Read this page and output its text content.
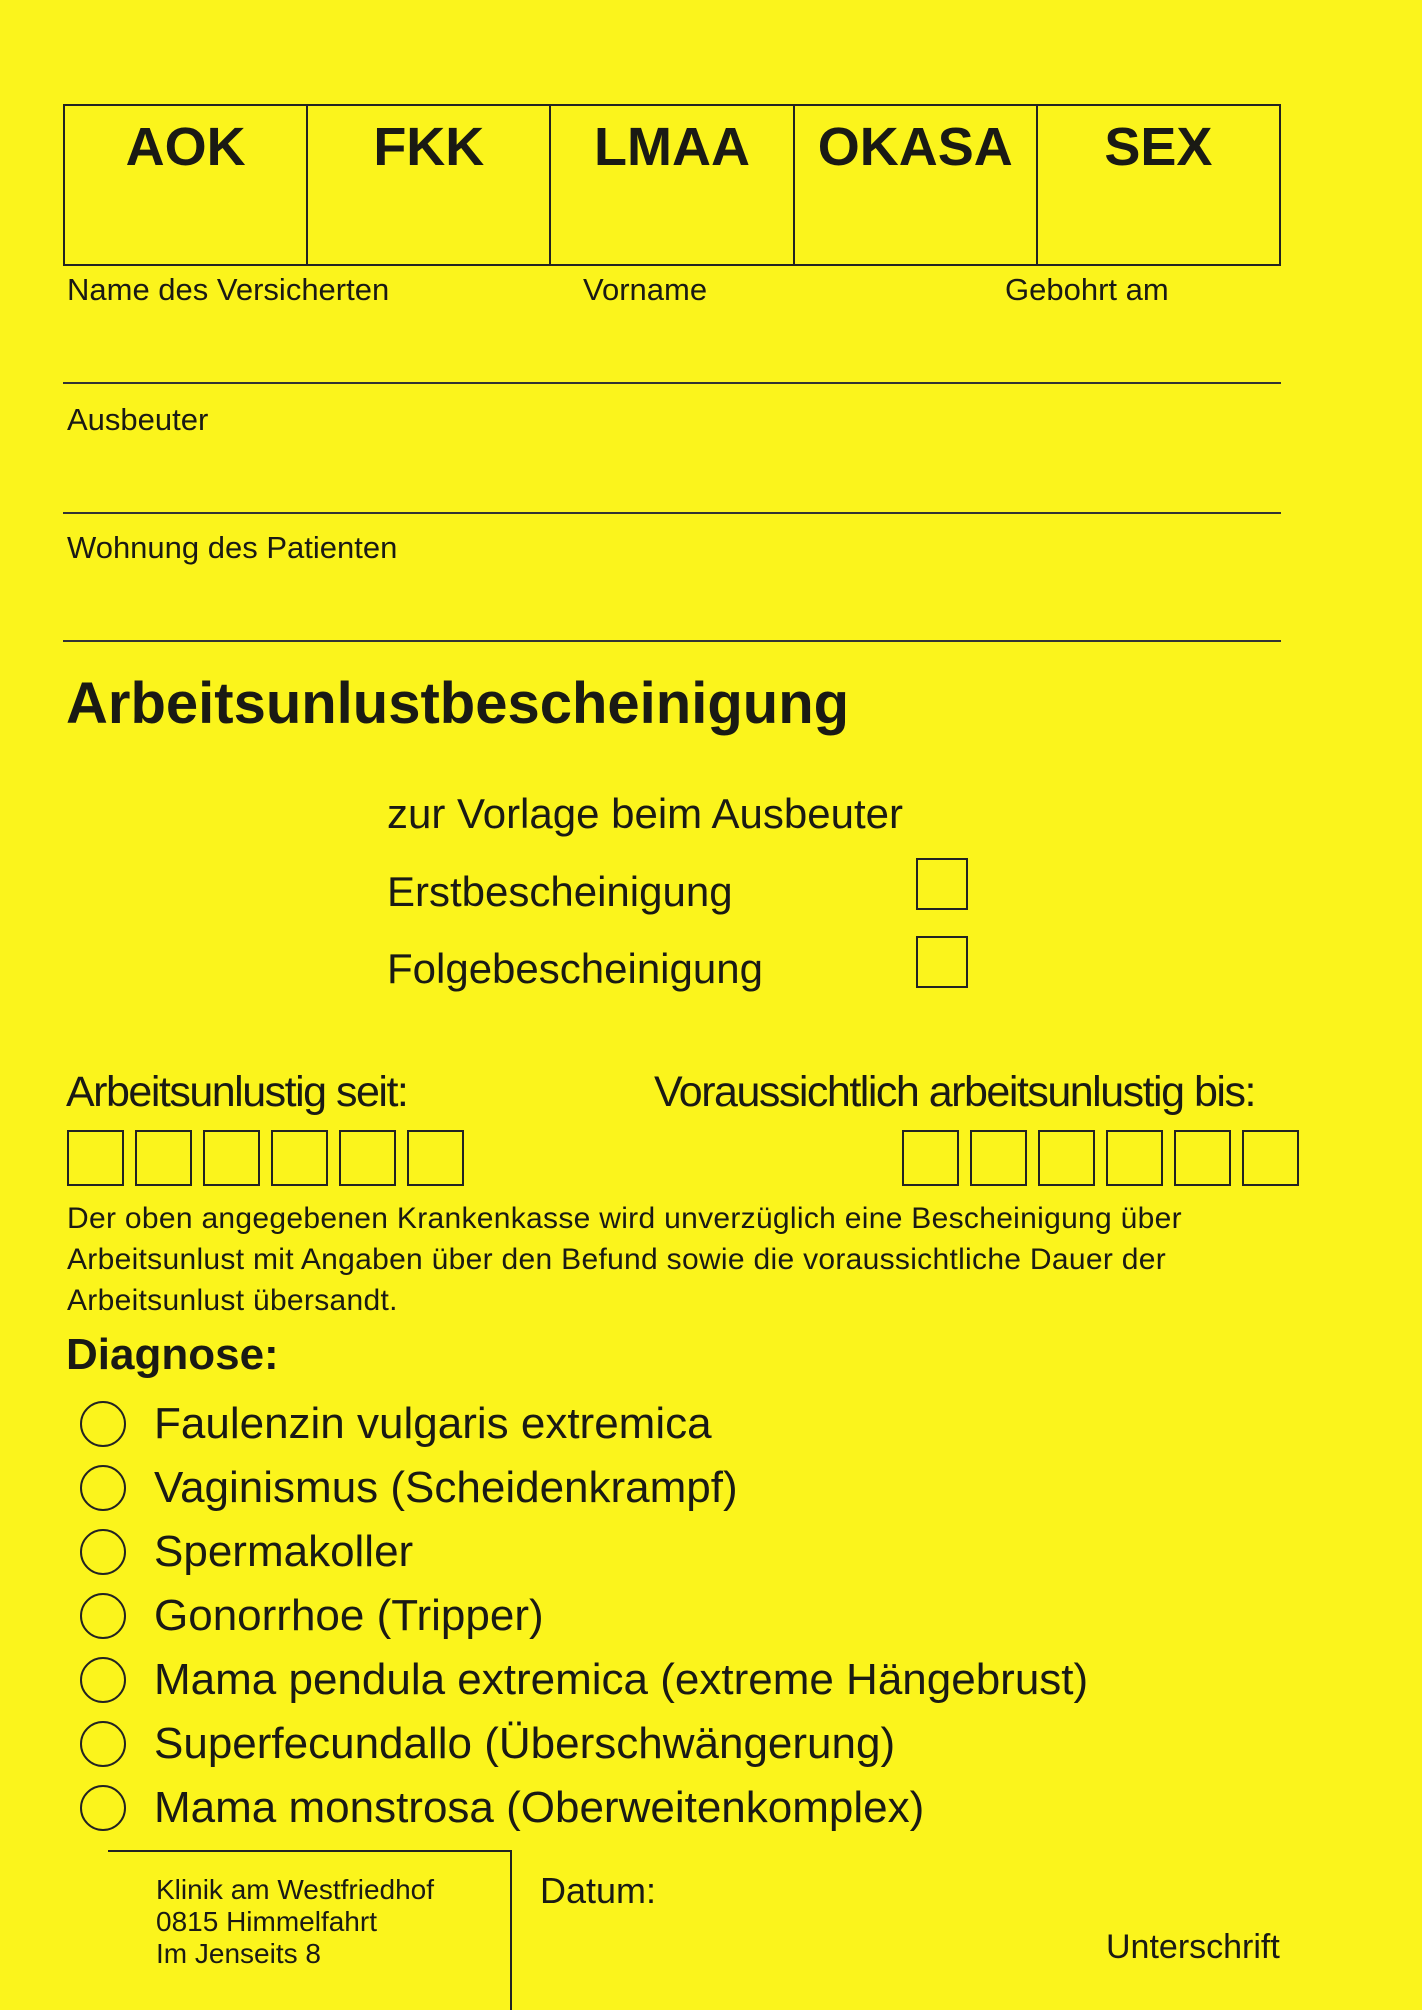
AOK	FKK	LMAA	OKASA	SEX
Name des Versicherten	Vorname	Gebohrt am
Ausbeuter
Wohnung des Patienten
Arbeitsunlustbescheinigung
zur Vorlage beim Ausbeuter
Erstbescheinigung
Folgebescheinigung
Arbeitsunlustig seit:	Voraussichtlich arbeitsunlustig bis:
Der oben angegebenen Krankenkasse wird unverzüglich eine Bescheinigung über
Arbeitsunlust mit Angaben über den Befund sowie die voraussichtliche Dauer der
Arbeitsunlust übersandt.
Diagnose:
Faulenzin vulgaris extremica
Vaginismus (Scheidenkrampf)
Spermakoller
Gonorrhoe (Tripper)
Mama pendula extremica (extreme Hängebrust)
Superfecundallo (Überschwängerung)
Mama monstrosa (Oberweitenkomplex)
Klinik am Westfriedhof
0815 Himmelfahrt
Im Jenseits 8
Datum:
Unterschrift
